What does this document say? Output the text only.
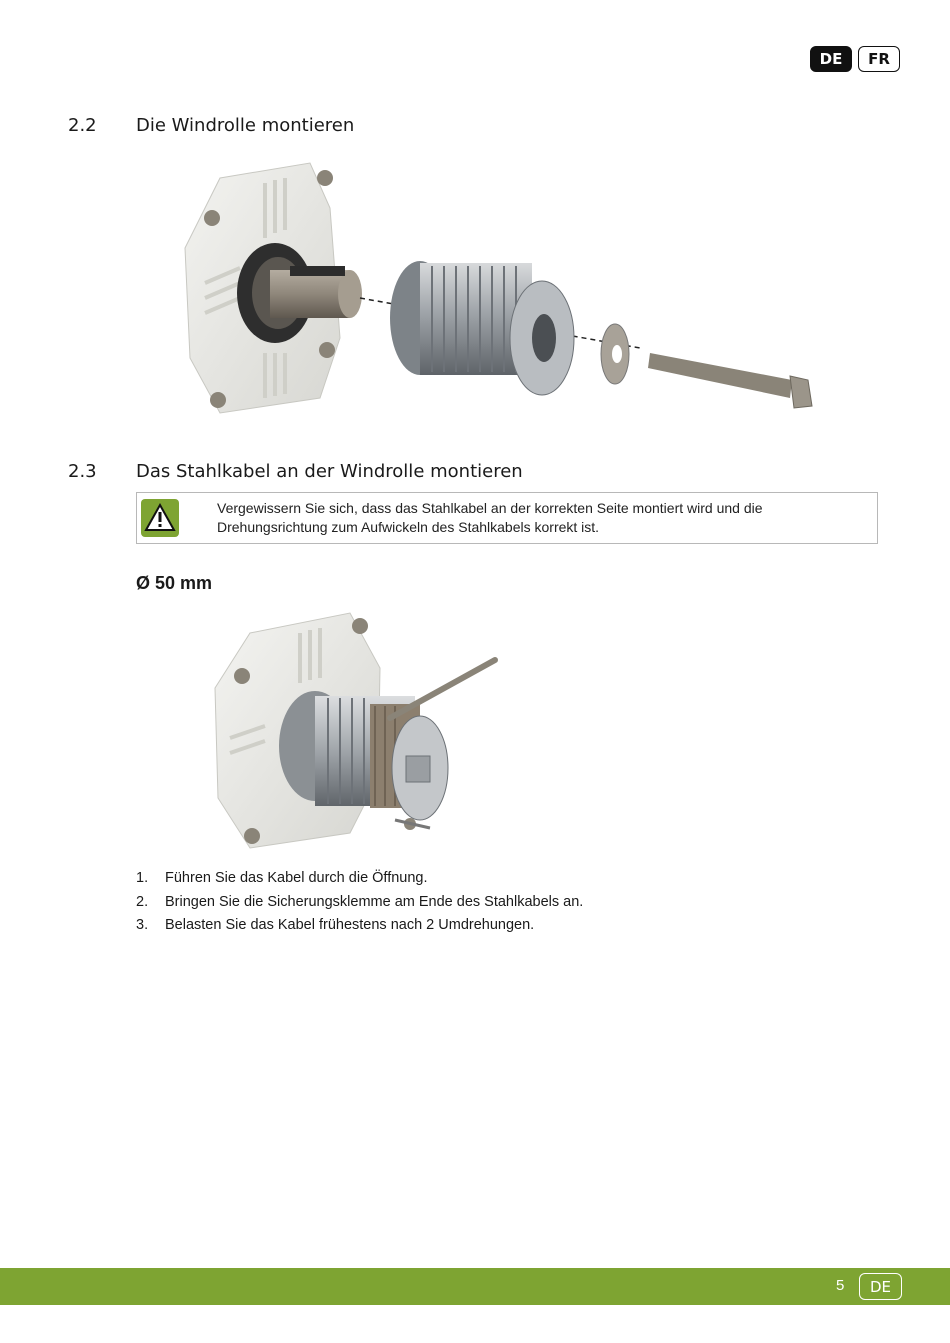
DE	FR
2.2 Die Windrolle montieren
2.3 Das Stahlkabel an der Windrolle montieren
Vergewissern Sie sich, dass das Stahlkabel an der korrekten Seite montiert wird und die
Drehungsrichtung zum Aufwickeln des Stahlkabels korrekt ist.
Ø 50 mm
1.	Führen Sie das Kabel durch die Öffnung.
2.	Bringen Sie die Sicherungsklemme am Ende des Stahlkabels an.
3.	Belasten Sie das Kabel frühestens nach 2 Umdrehungen.
5	DE
